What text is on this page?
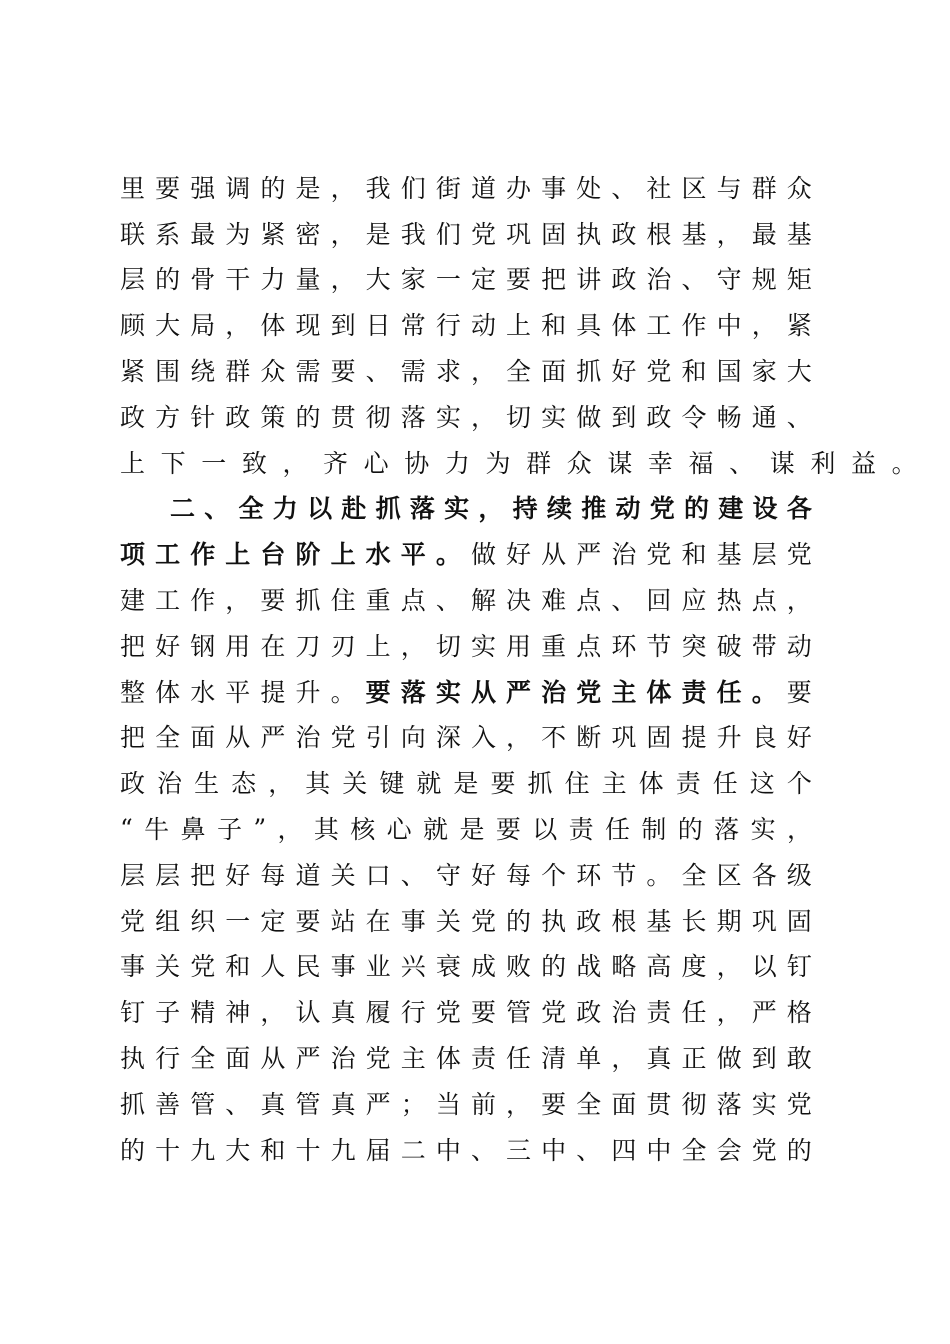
里 要 强 调 的 是 ， 我 们 街 道 办 事 处 、 社 区 与 群 众
联 系 最 为 紧 密 ， 是 我 们 党 巩 固 执 政 根 基 ， 最 基
层 的 骨 干 力 量 ， 大 家 一 定 要 把 讲 政 治 、 守 规 矩
顾 大 局 ， 体 现 到 日 常 行 动 上 和 具 体 工 作 中 ， 紧
紧 围 绕 群 众 需 要 、 需 求 ， 全 面 抓 好 党 和 国 家 大
政 方 针 政 策 的 贯 彻 落 实 ， 切 实 做 到 政 令 畅 通 、
上 下 一 致 ， 齐 心 协 力 为 群 众 谋 幸 福 、 谋 利 益 。
二 、 全 力 以 赴 抓 落 实 ， 持 续 推 动 党 的 建 设 各
项 工 作 上 台 阶 上 水 平 。 做 好 从 严 治 党 和 基 层 党
建 工 作 ， 要 抓 住 重 点 、 解 决 难 点 、 回 应 热 点 ，
把 好 钢 用 在 刀 刃 上 ， 切 实 用 重 点 环 节 突 破 带 动
整 体 水 平 提 升 。 要 落 实 从 严 治 党 主 体 责 任 。 要
把 全 面 从 严 治 党 引 向 深 入 ， 不 断 巩 固 提 升 良 好
政 治 生 态 ， 其 关 键 就 是 要 抓 住 主 体 责 任 这 个
“ 牛 鼻 子 ” ， 其 核 心 就 是 要 以 责 任 制 的 落 实 ，
层 层 把 好 每 道 关 口 、 守 好 每 个 环 节 。 全 区 各 级
党 组 织 一 定 要 站 在 事 关 党 的 执 政 根 基 长 期 巩 固
事 关 党 和 人 民 事 业 兴 衰 成 败 的 战 略 高 度 ， 以 钉
钉 子 精 神 ， 认 真 履 行 党 要 管 党 政 治 责 任 ， 严 格
执 行 全 面 从 严 治 党 主 体 责 任 清 单 ， 真 正 做 到 敢
抓 善 管 、 真 管 真 严 ； 当 前 ， 要 全 面 贯 彻 落 实 党
的 十 九 大 和 十 九 届 二 中 、 三 中 、 四 中 全 会 党 的
